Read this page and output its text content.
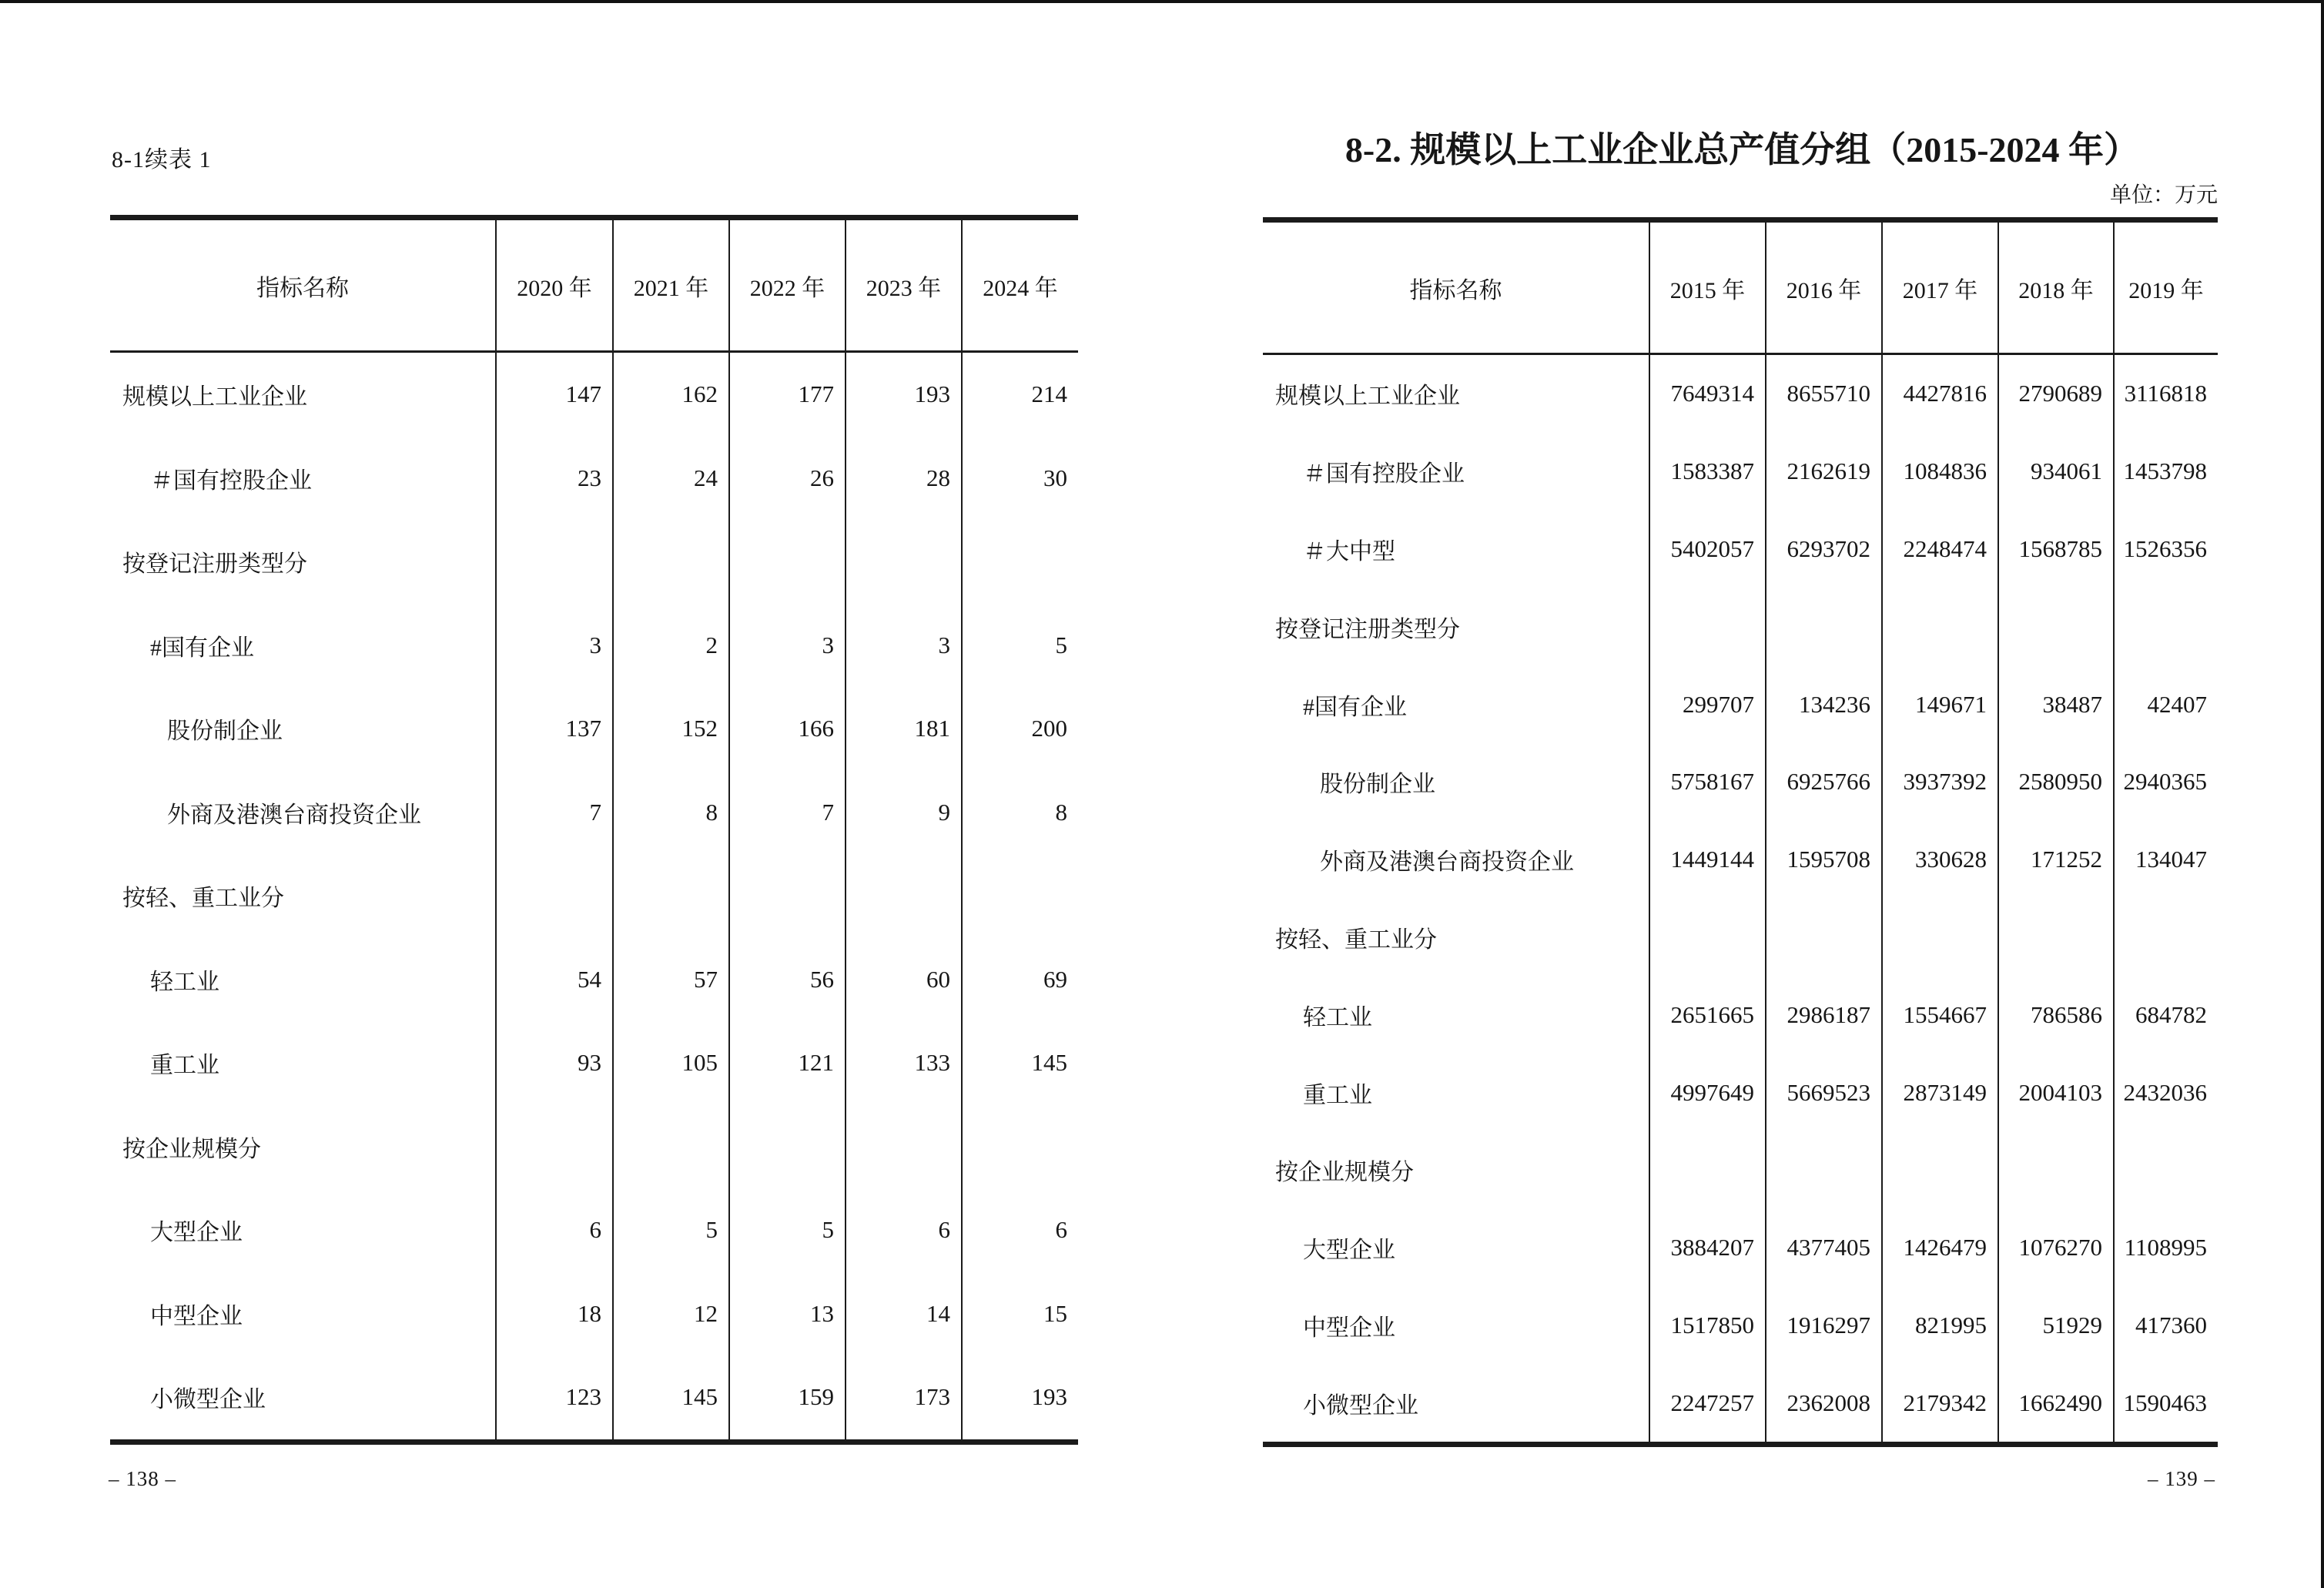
8-1续表 1
指标名称	2020 年	2021 年	2022 年	2023 年	2024 年
规模以上工业企业	147	162	177	193	214
＃国有控股企业	23	24	26	28	30
按登记注册类型分
#国有企业	3	2	3	3	5
股份制企业	137	152	166	181	200
外商及港澳台商投资企业	7	8	7	9	8
按轻、重工业分
轻工业	54	57	56	60	69
重工业	93	105	121	133	145
按企业规模分
大型企业	6	5	5	6	6
中型企业	18	12	13	14	15
小微型企业	123	145	159	173	193
– 138 –
8-2. 规模以上工业企业总产值分组（2015-2024 年）
单位：万元
指标名称	2015 年	2016 年	2017 年	2018 年	2019 年
规模以上工业企业	7649314	8655710	4427816	2790689 3116818
＃国有控股企业	1583387	2162619	1084836	934061 1453798
＃大中型	5402057	6293702	2248474	1568785 1526356
按登记注册类型分
#国有企业	299707	134236	149671	38487	42407
股份制企业	5758167	6925766	3937392	2580950 2940365
外商及港澳台商投资企业	1449144	1595708	330628	171252	134047
按轻、重工业分
轻工业	2651665	2986187	1554667	786586	684782
重工业	4997649	5669523	2873149	2004103 2432036
按企业规模分
大型企业	3884207	4377405	1426479	1076270 1108995
中型企业	1517850	1916297	821995	51929	417360
小微型企业	2247257	2362008	2179342	1662490 1590463
– 139 –
